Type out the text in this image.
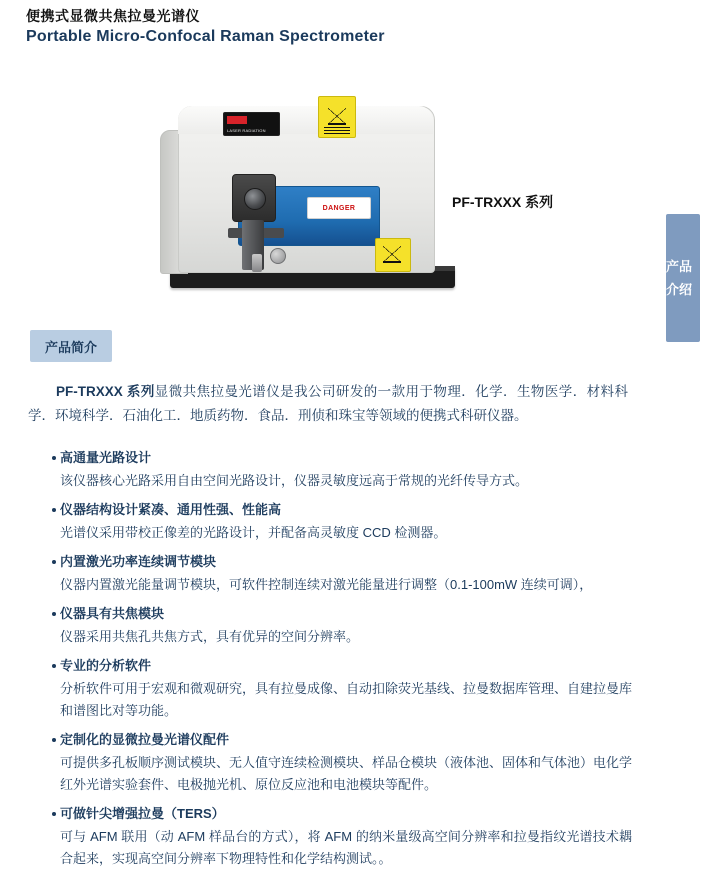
便携式显微共焦拉曼光谱仪
Portable Micro-Confocal Raman Spectrometer
产品介绍
LASER RADIATION
DANGER	PF-TRXXX 系列
产品简介
PF-TRXXX 系列显微共焦拉曼光谱仪是我公司研发的一款用于物理．化学．生物医学．材料科学．环境科学．石油化工．地质药物．食品．刑侦和珠宝等领域的便携式科研仪器。
高通量光路设计
该仪器核心光路采用自由空间光路设计，仪器灵敏度远高于常规的光纤传导方式。
仪器结构设计紧凑、通用性强、性能高
光谱仪采用带校正像差的光路设计，并配备高灵敏度 CCD 检测器。
内置激光功率连续调节模块
仪器内置激光能量调节模块，可软件控制连续对激光能量进行调整（0.1-100mW 连续可调），
仪器具有共焦模块
仪器采用共焦孔共焦方式，具有优异的空间分辨率。
专业的分析软件
分析软件可用于宏观和微观研究，具有拉曼成像、自动扣除荧光基线、拉曼数据库管理、自建拉曼库和谱图比对等功能。
定制化的显微拉曼光谱仪配件
可提供多孔板顺序测试模块、无人值守连续检测模块、样品仓模块（液体池、固体和气体池）电化学红外光谱实验套件、电极抛光机、原位反应池和电池模块等配件。
可做针尖增强拉曼（TERS）
可与 AFM 联用（动 AFM 样品台的方式），将 AFM 的纳米量级高空间分辨率和拉曼指纹光谱技术耦合起来，实现高空间分辨率下物理特性和化学结构测试。。
